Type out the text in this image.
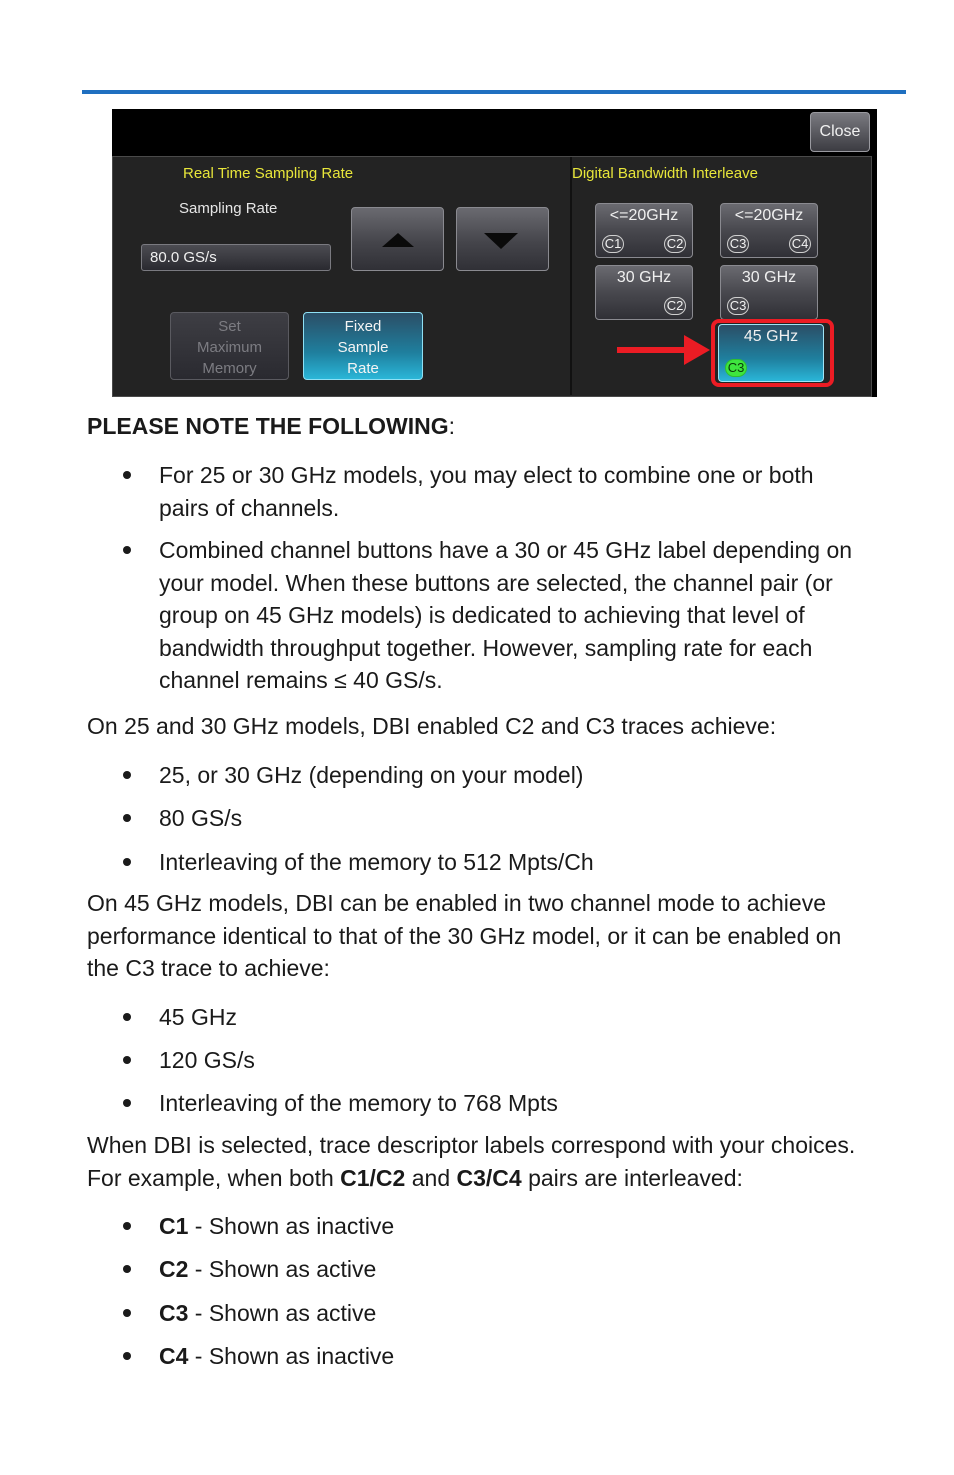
Close
Real Time Sampling Rate
Sampling Rate
80.0 GS/s
Set
Maximum
Memory
Fixed
Sample
Rate
Digital Bandwidth Interleave
<=20GHz
C1	C2
<=20GHz
C3	C4
30 GHz
C2
30 GHz
C3
45 GHz
C3

PLEASE NOTE THE FOLLOWING:

For 25 or 30 GHz models, you may elect to combine one or both
pairs of channels.

Combined channel buttons have a 30 or 45 GHz label depending on
your model. When these buttons are selected, the channel pair (or
group on 45 GHz models) is dedicated to achieving that level of
bandwidth throughput together. However, sampling rate for each
channel remains ≤ 40 GS/s.

On 25 and 30 GHz models, DBI enabled C2 and C3 traces achieve:

25, or 30 GHz (depending on your model)

80 GS/s

Interleaving of the memory to 512 Mpts/Ch

On 45 GHz models, DBI can be enabled in two channel mode to achieve
performance identical to that of the 30 GHz model, or it can be enabled on
the C3 trace to achieve:

45 GHz

120 GS/s

Interleaving of the memory to 768 Mpts

When DBI is selected, trace descriptor labels correspond with your choices.
For example, when both C1/C2 and C3/C4 pairs are interleaved:

C1 - Shown as inactive

C2 - Shown as active

C3 - Shown as active

C4 - Shown as inactive
